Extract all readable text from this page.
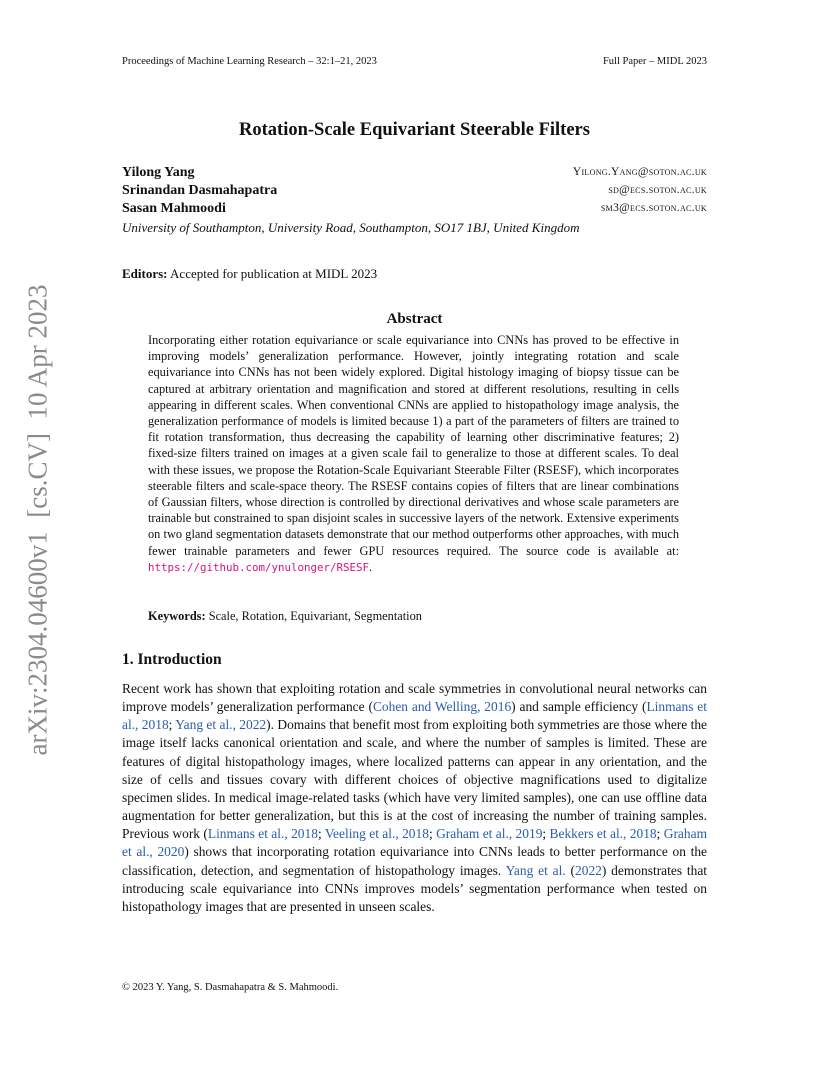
Proceedings of Machine Learning Research – 32:1–21, 2023	Full Paper – MIDL 2023
Rotation-Scale Equivariant Steerable Filters
Yilong Yang	Yilong.Yang@soton.ac.uk
Srinandan Dasmahapatra	sd@ecs.soton.ac.uk
Sasan Mahmoodi	sm3@ecs.soton.ac.uk
University of Southampton, University Road, Southampton, SO17 1BJ, United Kingdom
Editors: Accepted for publication at MIDL 2023
Abstract
Incorporating either rotation equivariance or scale equivariance into CNNs has proved to be effective in improving models’ generalization performance. However, jointly integrating rotation and scale equivariance into CNNs has not been widely explored. Digital histology imaging of biopsy tissue can be captured at arbitrary orientation and magnification and stored at different resolutions, resulting in cells appearing in different scales. When conventional CNNs are applied to histopathology image analysis, the generalization performance of models is limited because 1) a part of the parameters of filters are trained to fit rotation transformation, thus decreasing the capability of learning other discriminative features; 2) fixed-size filters trained on images at a given scale fail to generalize to those at different scales. To deal with these issues, we propose the Rotation-Scale Equivariant Steerable Filter (RSESF), which incorporates steerable filters and scale-space theory. The RSESF contains copies of filters that are linear combinations of Gaussian filters, whose direction is controlled by directional derivatives and whose scale parameters are trainable but constrained to span disjoint scales in successive layers of the network. Extensive experiments on two gland segmentation datasets demonstrate that our method outperforms other approaches, with much fewer trainable parameters and fewer GPU resources required. The source code is available at: https://github.com/ynulonger/RSESF.
Keywords: Scale, Rotation, Equivariant, Segmentation
1. Introduction
Recent work has shown that exploiting rotation and scale symmetries in convolutional neural networks can improve models’ generalization performance (Cohen and Welling, 2016) and sample efficiency (Linmans et al., 2018; Yang et al., 2022). Domains that benefit most from exploiting both symmetries are those where the image itself lacks canonical orientation and scale, and where the number of samples is limited. These are features of digital histopathology images, where localized patterns can appear in any orientation, and the size of cells and tissues covary with different choices of objective magnifications used to digitalize specimen slides. In medical image-related tasks (which have very limited samples), one can use offline data augmentation for better generalization, but this is at the cost of increasing the number of training samples. Previous work (Linmans et al., 2018; Veeling et al., 2018; Graham et al., 2019; Bekkers et al., 2018; Graham et al., 2020) shows that incorporating rotation equivariance into CNNs leads to better performance on the classification, detection, and segmentation of histopathology images. Yang et al. (2022) demonstrates that introducing scale equivariance into CNNs improves models’ segmentation performance when tested on histopathology images that are presented in unseen scales.
© 2023 Y. Yang, S. Dasmahapatra & S. Mahmoodi.
arXiv:2304.04600v1  [cs.CV]  10 Apr 2023
